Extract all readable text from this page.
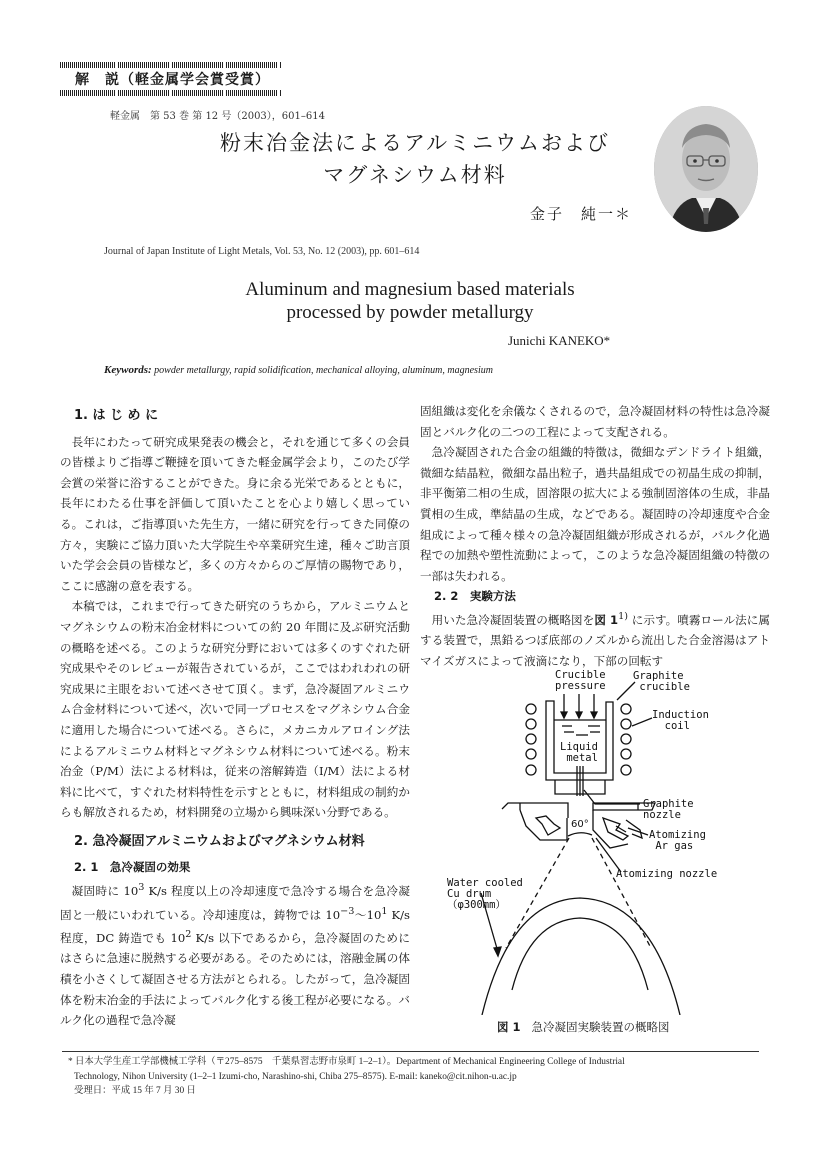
解　説（軽金属学会賞受賞）
軽金属　第 53 巻 第 12 号（2003），601–614
粉末冶金法によるアルミニウムおよび
マグネシウム材料
金子　純一＊
Journal of Japan Institute of Light Metals, Vol. 53, No. 12 (2003), pp. 601–614
Aluminum and magnesium based materials
processed by powder metallurgy
Junichi KANEKO*
Keywords: powder metallurgy, rapid solidification, mechanical alloying, aluminum, magnesium
1. は じ め に

長年にわたって研究成果発表の機会と，それを通じて多くの会員の皆様よりご指導ご鞭撻を頂いてきた軽金属学会より，このたび学会賞の栄誉に浴することができた。身に余る光栄であるとともに，長年にわたる仕事を評価して頂いたことを心より嬉しく思っている。これは，ご指導頂いた先生方，一緒に研究を行ってきた同僚の方々，実験にご協力頂いた大学院生や卒業研究生達，種々ご助言頂いた学会会員の皆様など，多くの方々からのご厚情の賜物であり，ここに感謝の意を表する。

本稿では，これまで行ってきた研究のうちから，アルミニウムとマグネシウムの粉末冶金材料についての約 20 年間に及ぶ研究活動の概略を述べる。このような研究分野においては多くのすぐれた研究成果やそのレビューが報告されているが，ここではわれわれの研究成果に主眼をおいて述べさせて頂く。まず，急冷凝固アルミニウム合金材料について述べ，次いで同一プロセスをマグネシウム合金に適用した場合について述べる。さらに，メカニカルアロイング法によるアルミニウム材料とマグネシウム材料について述べる。粉末冶金（P/M）法による材料は，従来の溶解鋳造（I/M）法による材料に比べて，すぐれた材料特性を示すとともに，材料組成の制約からも解放されるため，材料開発の立場から興味深い分野である。

2. 急冷凝固アルミニウムおよびマグネシウム材料
2. 1　急冷凝固の効果

凝固時に $10^3$ K/s 程度以上の冷却速度で急冷する場合を急冷凝固と一般にいわれている。冷却速度は，鋳物では $10^{-3}$〜$10^1$ K/s 程度，DC 鋳造でも $10^2$ K/s 以下であるから，急冷凝固のためにはさらに急速に脱熱する必要がある。そのためには，溶融金属の体積を小さくして凝固させる方法がとられる。したがって，急冷凝固体を粉末冶金的手法によってバルク化する後工程が必要になる。バルク化の過程で急冷凝

固組織は変化を余儀なくされるので，急冷凝固材料の特性は急冷凝固とバルク化の二つの工程によって支配される。

急冷凝固された合金の組織的特徴は，微細なデンドライト組織，微細な結晶粒，微細な晶出粒子，過共晶組成での初晶生成の抑制，非平衡第二相の生成，固溶限の拡大による強制固溶体の生成，非晶質相の生成，準結晶の生成，などである。凝固時の冷却速度や合金組成によって種々様々の急冷凝固組織が形成されるが，バルク化過程での加熱や塑性流動によって，このような急冷凝固組織の特徴の一部は失われる。

2. 2　実験方法

用いた急冷凝固装置の概略図を図 1$^{1)}$ に示す。噴霧ロール法に属する装置で，黒鉛るつぼ底部のノズルから流出した合金溶湯はアトマイズガスによって液滴になり，下部の回転す

Crucible
pressure
Graphite
crucible
Induction
coil
Liquid
metal
Graphite nozzle
60°
Atomizing
Ar gas
Atomizing nozzle
Water cooled
Cu drum
（φ300mm）
図 1 急冷凝固実験装置の概略図
* 日本大学生産工学部機械工学科（〒275–8575　千葉県習志野市泉町 1–2–1）。Department of Mechanical Engineering College of Industrial
Technology, Nihon University (1–2–1 Izumi-cho, Narashino-shi, Chiba 275–8575). E-mail: kaneko@cit.nihon-u.ac.jp
受理日：平成 15 年 7 月 30 日
